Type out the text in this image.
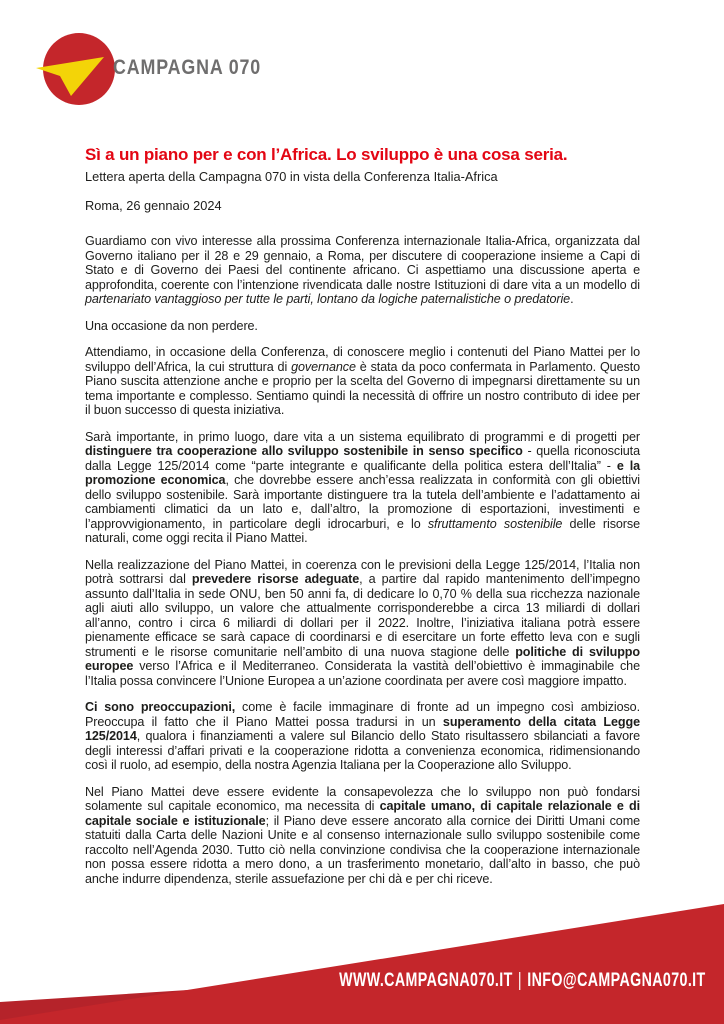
CAMPAGNA 070
Sì a un piano per e con l’Africa. Lo sviluppo è una cosa seria.

Lettera aperta della Campagna 070 in vista della Conferenza Italia-Africa

Roma, 26 gennaio 2024

Guardiamo con vivo interesse alla prossima Conferenza internazionale Italia-Africa, organizzata dal Governo italiano per il 28 e 29 gennaio, a Roma, per discutere di cooperazione insieme a Capi di Stato e di Governo dei Paesi del continente africano. Ci aspettiamo una discussione aperta e approfondita, coerente con l’intenzione rivendicata dalle nostre Istituzioni di dare vita a un modello di partenariato vantaggioso per tutte le parti, lontano da logiche paternalistiche o predatorie.

Una occasione da non perdere.

Attendiamo, in occasione della Conferenza, di conoscere meglio i contenuti del Piano Mattei per lo sviluppo dell’Africa, la cui struttura di governance è stata da poco confermata in Parlamento. Questo Piano suscita attenzione anche e proprio per la scelta del Governo di impegnarsi direttamente su un tema importante e complesso. Sentiamo quindi la necessità di offrire un nostro contributo di idee per il buon successo di questa iniziativa.

Sarà importante, in primo luogo, dare vita a un sistema equilibrato di programmi e di progetti per distinguere tra cooperazione allo sviluppo sostenibile in senso specifico - quella riconosciuta dalla Legge 125/2014 come “parte integrante e qualificante della politica estera dell’Italia” - e la promozione economica, che dovrebbe essere anch’essa realizzata in conformità con gli obiettivi dello sviluppo sostenibile. Sarà importante distinguere tra la tutela dell’ambiente e l’adattamento ai cambiamenti climatici da un lato e, dall’altro, la promozione di esportazioni, investimenti e l’approvvigionamento, in particolare degli idrocarburi, e lo sfruttamento sostenibile delle risorse naturali, come oggi recita il Piano Mattei.

Nella realizzazione del Piano Mattei, in coerenza con le previsioni della Legge 125/2014, l’Italia non potrà sottrarsi dal prevedere risorse adeguate, a partire dal rapido mantenimento dell’impegno assunto dall’Italia in sede ONU, ben 50 anni fa, di dedicare lo 0,70 % della sua ricchezza nazionale agli aiuti allo sviluppo, un valore che attualmente corrisponderebbe a circa 13 miliardi di dollari all’anno, contro i circa 6 miliardi di dollari per il 2022. Inoltre, l’iniziativa italiana potrà essere pienamente efficace se sarà capace di coordinarsi e di esercitare un forte effetto leva con e sugli strumenti e le risorse comunitarie nell’ambito di una nuova stagione delle politiche di sviluppo europee verso l’Africa e il Mediterraneo. Considerata la vastità dell’obiettivo è immaginabile che l’Italia possa convincere l’Unione Europea a un’azione coordinata per avere così maggiore impatto.

Ci sono preoccupazioni, come è facile immaginare di fronte ad un impegno così ambizioso. Preoccupa il fatto che il Piano Mattei possa tradursi in un superamento della citata Legge 125/2014, qualora i finanziamenti a valere sul Bilancio dello Stato risultassero sbilanciati a favore degli interessi d’affari privati e la cooperazione ridotta a convenienza economica, ridimensionando così il ruolo, ad esempio, della nostra Agenzia Italiana per la Cooperazione allo Sviluppo.

Nel Piano Mattei deve essere evidente la consapevolezza che lo sviluppo non può fondarsi solamente sul capitale economico, ma necessita di capitale umano, di capitale relazionale e di capitale sociale e istituzionale; il Piano deve essere ancorato alla cornice dei Diritti Umani come statuiti dalla Carta delle Nazioni Unite e al consenso internazionale sullo sviluppo sostenibile come raccolto nell’Agenda 2030. Tutto ciò nella convinzione condivisa che la cooperazione internazionale non possa essere ridotta a mero dono, a un trasferimento monetario, dall’alto in basso, che può anche indurre dipendenza, sterile assuefazione per chi dà e per chi riceve.

WWW.CAMPAGNA070.IT | INFO@CAMPAGNA070.IT
